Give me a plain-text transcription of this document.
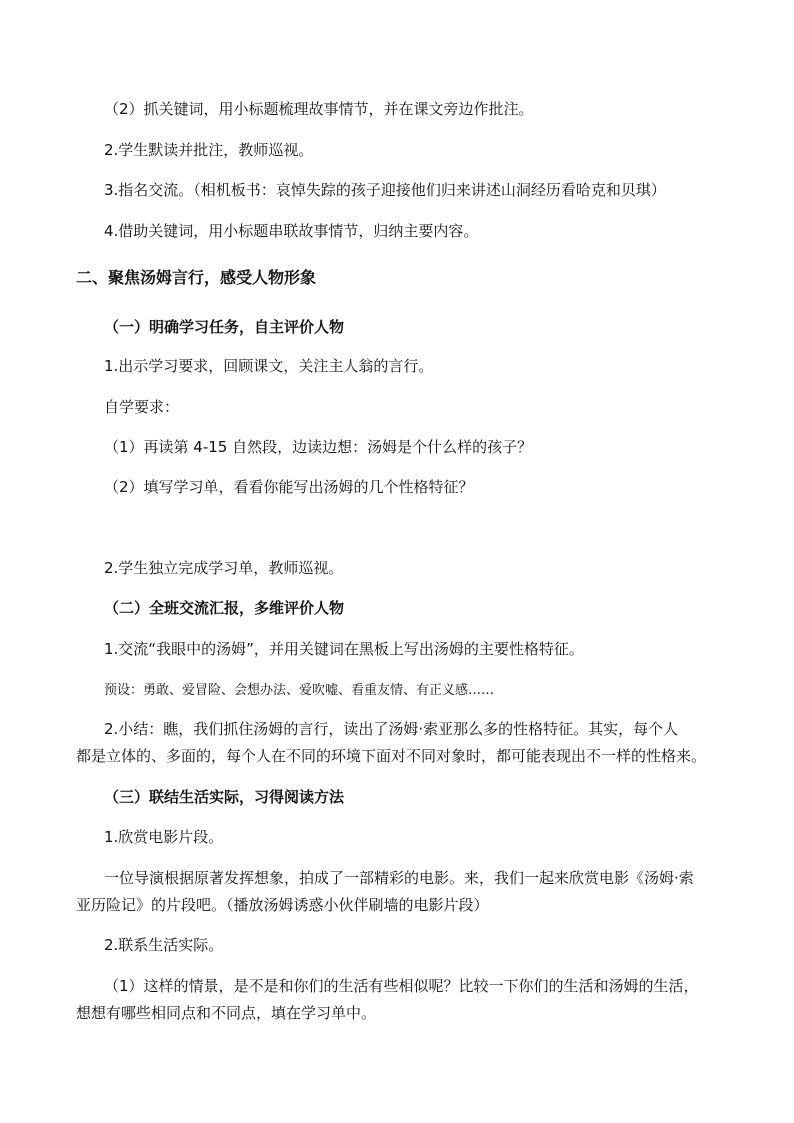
（2）抓关键词，用小标题梳理故事情节，并在课文旁边作批注。
2.学生默读并批注，教师巡视。
3.指名交流。（相机板书：哀悼失踪的孩子迎接他们归来讲述山洞经历看哈克和贝琪）
4.借助关键词，用小标题串联故事情节，归纳主要内容。
二、聚焦汤姆言行，感受人物形象
（一）明确学习任务，自主评价人物
1.出示学习要求，回顾课文，关注主人翁的言行。
自学要求：
（1）再读第 4-15 自然段，边读边想：汤姆是个什么样的孩子？
（2）填写学习单，看看你能写出汤姆的几个性格特征？
2.学生独立完成学习单，教师巡视。
（二）全班交流汇报，多维评价人物
1.交流“我眼中的汤姆”，并用关键词在黑板上写出汤姆的主要性格特征。
预设：勇敢、爱冒险、会想办法、爱吹嘘、看重友情、有正义感……
2.小结：瞧，我们抓住汤姆的言行，读出了汤姆·索亚那么多的性格特征。其实，每个人
都是立体的、多面的，每个人在不同的环境下面对不同对象时，都可能表现出不一样的性格来。
（三）联结生活实际，习得阅读方法
1.欣赏电影片段。
一位导演根据原著发挥想象，拍成了一部精彩的电影。来，我们一起来欣赏电影《汤姆·索
亚历险记》的片段吧。（播放汤姆诱惑小伙伴刷墙的电影片段）
2.联系生活实际。
（1）这样的情景，是不是和你们的生活有些相似呢？比较一下你们的生活和汤姆的生活，
想想有哪些相同点和不同点，填在学习单中。
